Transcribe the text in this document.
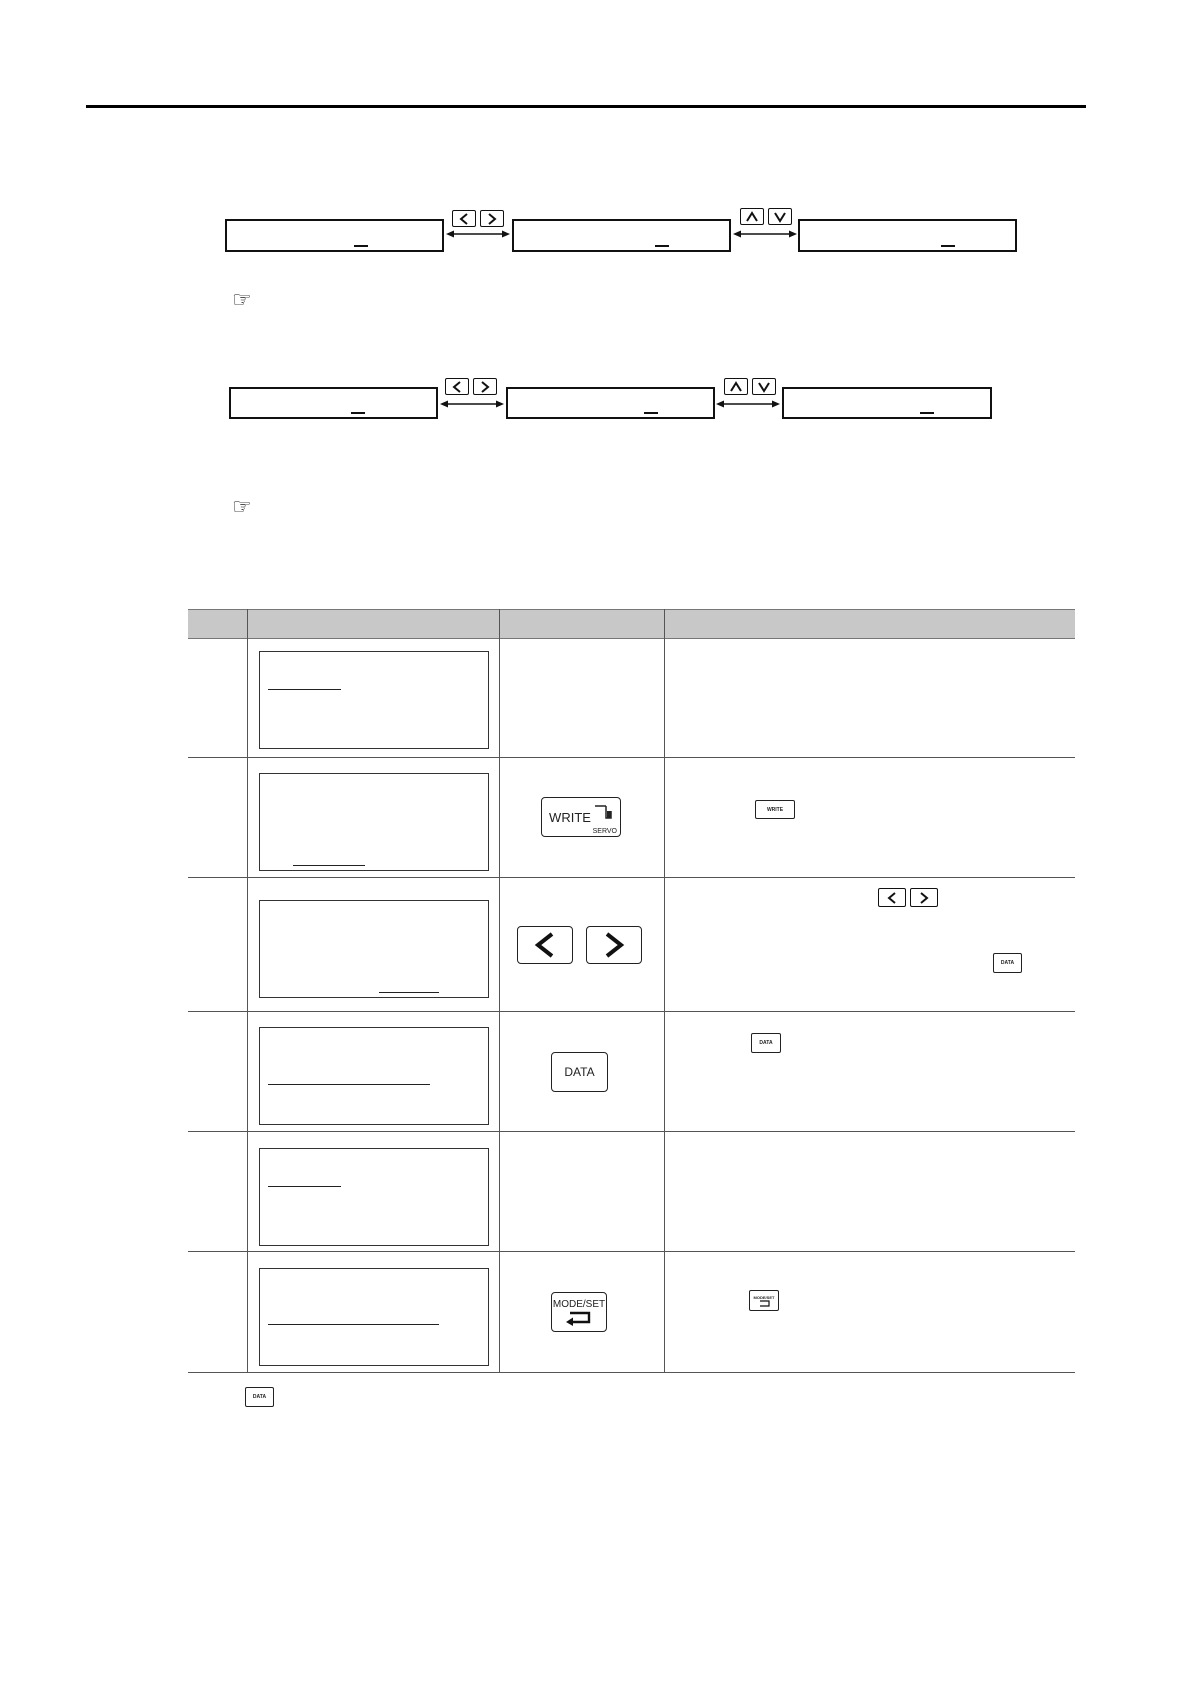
☞
☞
WRITE
SERVO
WRITE
DATA
DATA
DATA
MODE/SET
MODE/SET
DATA
